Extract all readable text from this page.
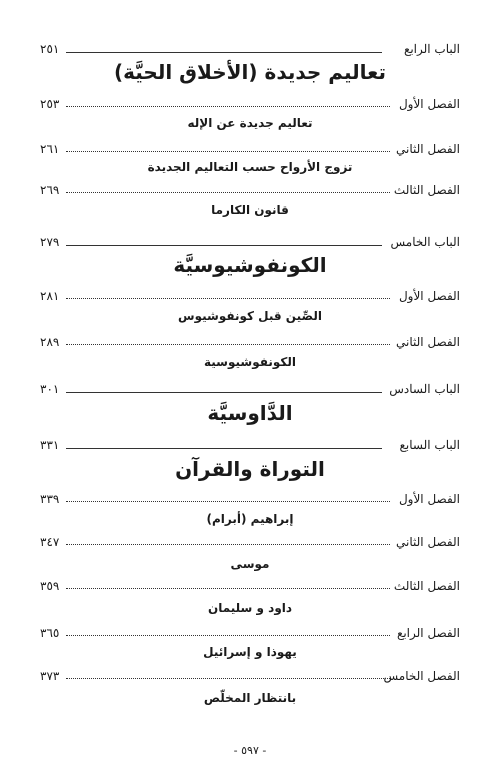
الباب الرابع
٢٥١
تعاليم جديدة (الأخلاق الحيَّة)
الفصل الأول
٢٥٣
تعاليم جديدة عن الإله
الفصل الثاني
٢٦١
تزوج الأرواح حسب التعاليم الجديدة
الفصل الثالث
٢٦٩
قانون الكارما
الباب الخامس
٢٧٩
الكونفوشيوسيَّة
الفصل الأول
٢٨١
الصِّين قبل كونفوشيوس
الفصل الثاني
٢٨٩
الكونفوشيوسية
الباب السادس
٣٠١
الدَّاوسيَّة
الباب السابع
٣٣١
التوراة والقرآن
الفصل الأول
٣٣٩
إبراهيم (أبرام)
الفصل الثاني
٣٤٧
موسى
الفصل الثالث
٣٥٩
داود و سليمان
الفصل الرابع
٣٦٥
يهوذا و إسرائيل
الفصل الخامس
٣٧٣
بانتظار المخلّص
- ٥٩٧ -
